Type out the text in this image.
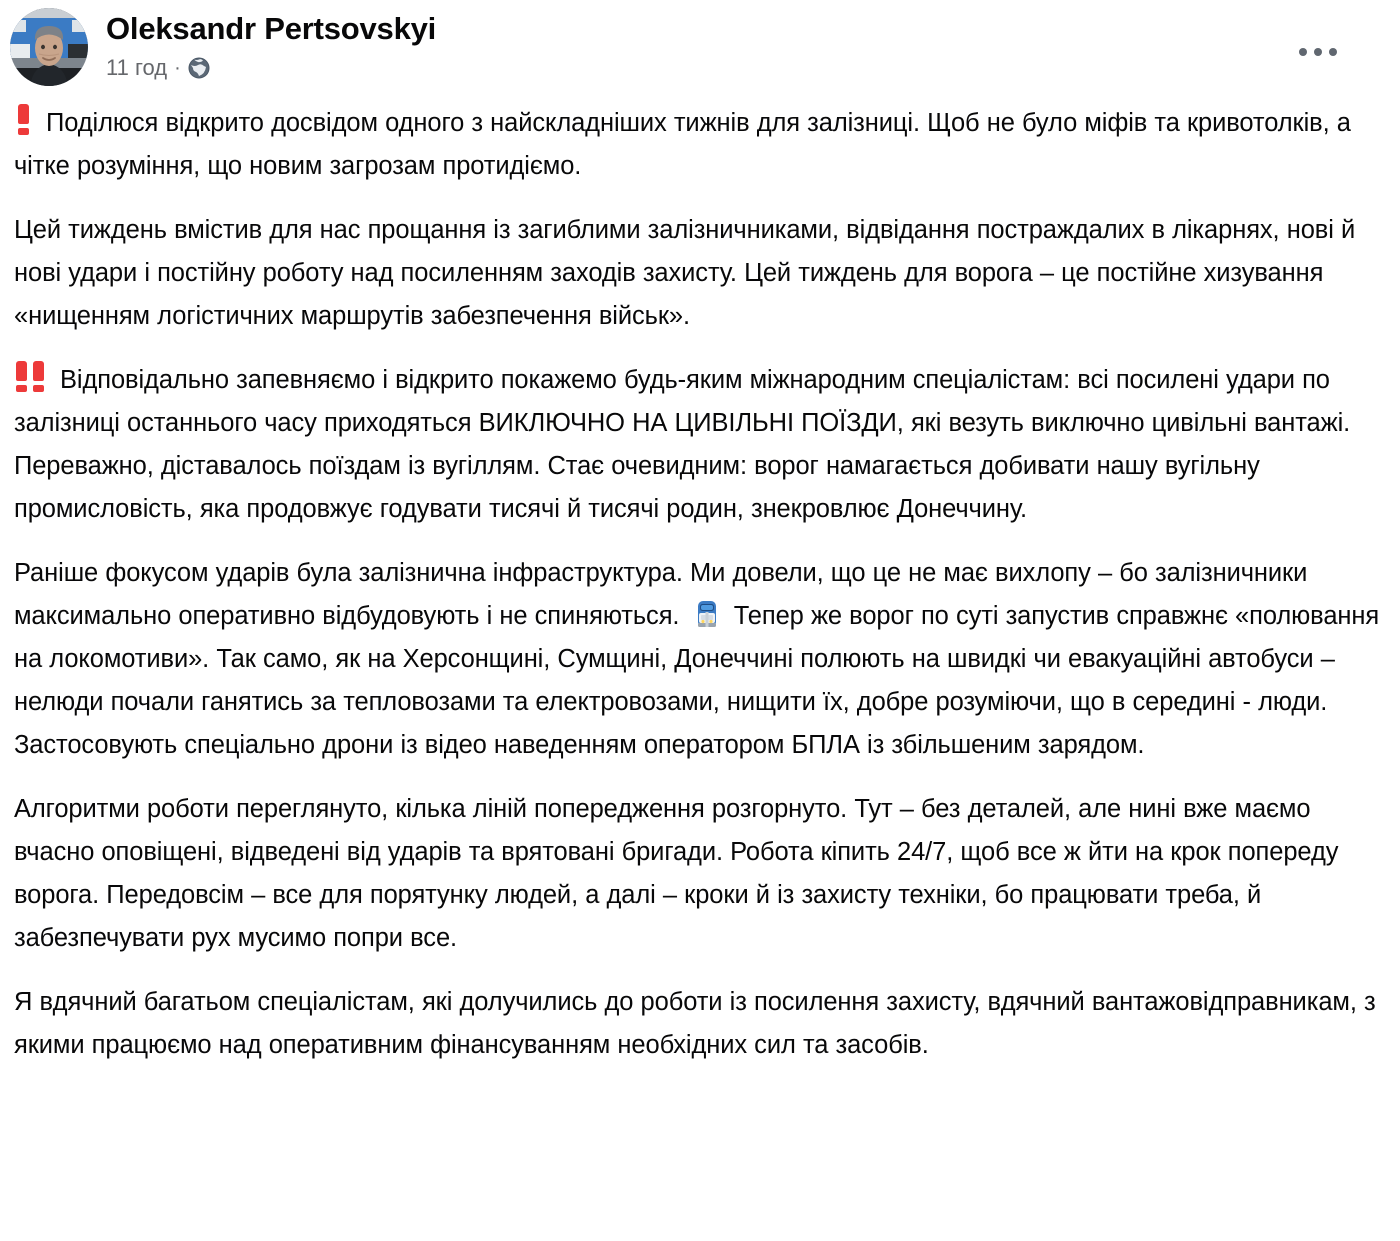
Oleksandr Pertsovskyi
11 год ·

Поділюся відкрито досвідом одного з найскладніших тижнів для залізниці. Щоб не було міфів та кривотолків, а чітке розуміння, що новим загрозам протидіємо.

Цей тиждень вмістив для нас прощання із загиблими залізничниками, відвідання постраждалих в лікарнях, нові й нові удари і постійну роботу над посиленням заходів захисту. Цей тиждень для ворога – це постійне хизування «нищенням логістичних маршрутів забезпечення військ».

Відповідально запевняємо і відкрито покажемо будь-яким міжнародним спеціалістам: всі посилені удари по залізниці останнього часу приходяться ВИКЛЮЧНО НА ЦИВІЛЬНІ ПОЇЗДИ, які везуть виключно цивільні вантажі. Переважно, діставалось поїздам із вугіллям. Стає очевидним: ворог намагається добивати нашу вугільну промисловість, яка продовжує годувати тисячі й тисячі родин, знекровлює Донеччину.

Раніше фокусом ударів була залізнична інфраструктура. Ми довели, що це не має вихлопу – бо залізничники максимально оперативно відбудовують і не спиняються.
Тепер же ворог по суті запустив справжнє «полювання на локомотиви». Так само, як на Херсонщині, Сумщині, Донеччині полюють на швидкі чи евакуаційні автобуси – нелюди почали ганятись за тепловозами та електровозами, нищити їх, добре розуміючи, що в середині - люди. Застосовують спеціально дрони із відео наведенням оператором БПЛА із збільшеним зарядом.

Алгоритми роботи переглянуто, кілька ліній попередження розгорнуто. Тут – без деталей, але нині вже маємо вчасно оповіщені, відведені від ударів та врятовані бригади. Робота кіпить 24/7, щоб все ж йти на крок попереду ворога. Передовсім – все для порятунку людей, а далі – кроки й із захисту техніки, бо працювати треба, й забезпечувати рух мусимо попри все.

Я вдячний багатьом спеціалістам, які долучились до роботи із посилення захисту, вдячний вантажовідправникам, з якими працюємо над оперативним фінансуванням необхідних сил та засобів.
